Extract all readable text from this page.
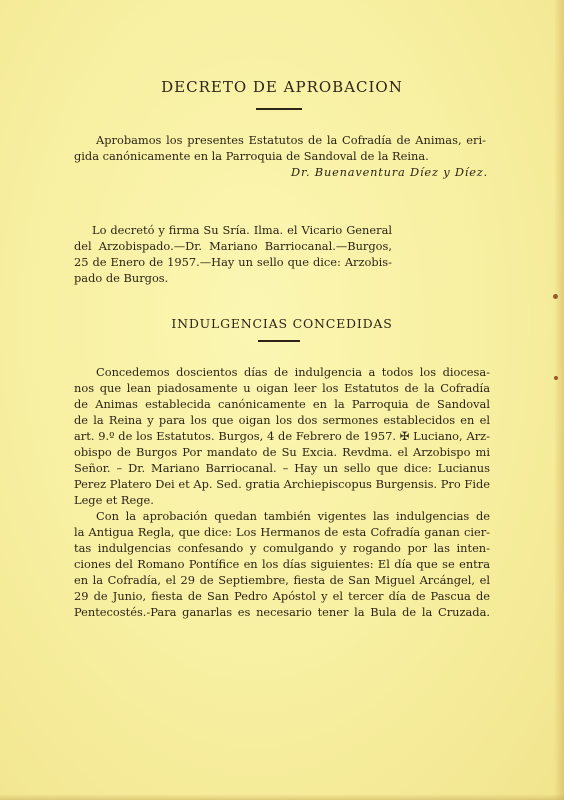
DECRETO DE APROBACION
Aprobamos los presentes Estatutos de la Cofradía de Animas, eri-
gida canónicamente en la Parroquia de Sandoval de la Reina.
Dr. Buenaventura Díez y Díez.
Lo decretó y firma Su Sría. Ilma. el Vicario General
del Arzobispado.—Dr. Mariano Barriocanal.—Burgos,
25 de Enero de 1957.—Hay un sello que dice: Arzobis-
pado de Burgos.
INDULGENCIAS CONCEDIDAS
Concedemos doscientos días de indulgencia a todos los diocesa-
nos que lean piadosamente u oigan leer los Estatutos de la Cofradía
de Animas establecida canónicamente en la Parroquia de Sandoval
de la Reina y para los que oigan los dos sermones establecidos en el
art. 9.º de los Estatutos. Burgos, 4 de Febrero de 1957. ✠ Luciano, Arz-
obispo de Burgos Por mandato de Su Excia. Revdma. el Arzobispo mi
Señor. – Dr. Mariano Barriocanal. – Hay un sello que dice: Lucianus
Perez Platero Dei et Ap. Sed. gratia Archiepiscopus Burgensis. Pro Fide
Lege et Rege.
Con la aprobación quedan también vigentes las indulgencias de
la Antigua Regla, que dice: Los Hermanos de esta Cofradía ganan cier-
tas indulgencias confesando y comulgando y rogando por las inten-
ciones del Romano Pontífice en los días siguientes: El día que se entra
en la Cofradía, el 29 de Septiembre, fiesta de San Miguel Arcángel, el
29 de Junio, fiesta de San Pedro Apóstol y el tercer día de Pascua de
Pentecostés.-Para ganarlas es necesario tener la Bula de la Cruzada.
